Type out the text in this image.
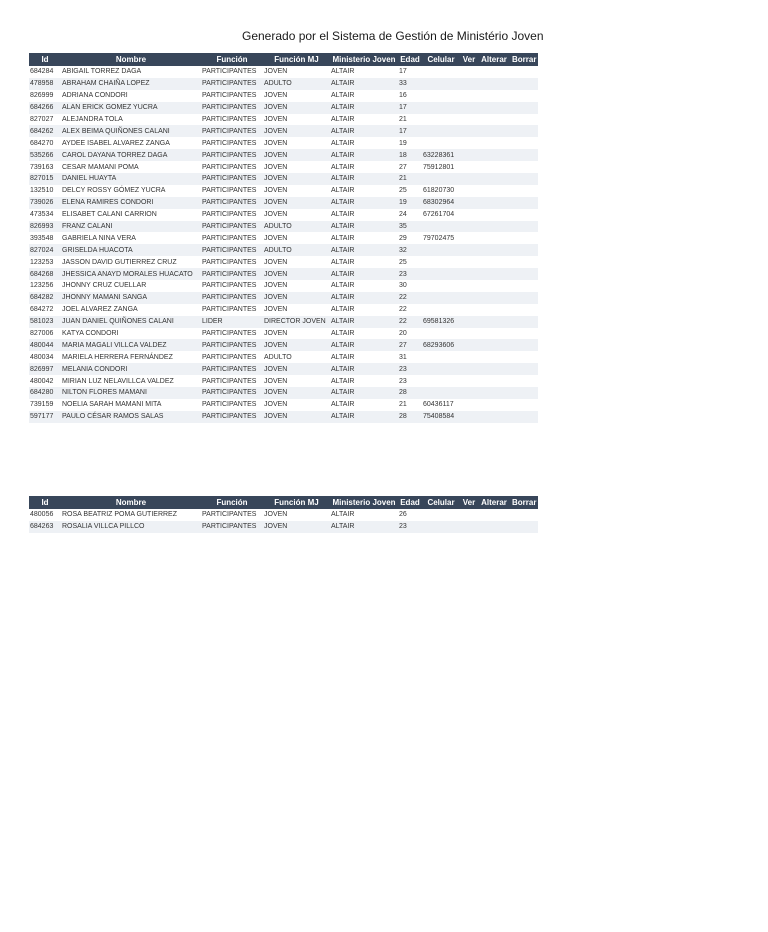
Generado por el Sistema de Gestión de Ministério Joven
Id	Nombre	Función	Función MJ	Ministerio Joven	Edad	Celular	Ver	Alterar	Borrar
684284	ABIGAIL TORREZ DAGA	PARTICIPANTES	JOVEN	ALTAIR	17				
478958	ABRAHAM CHAIÑA LOPEZ	PARTICIPANTES	ADULTO	ALTAIR	33				
826999	ADRIANA CONDORI	PARTICIPANTES	JOVEN	ALTAIR	16				
684266	ALAN ERICK GOMEZ YUCRA	PARTICIPANTES	JOVEN	ALTAIR	17				
827027	ALEJANDRA TOLA	PARTICIPANTES	JOVEN	ALTAIR	21				
684262	ALEX BEIMA QUIÑONES CALANI	PARTICIPANTES	JOVEN	ALTAIR	17				
684270	AYDEE ISABEL ALVAREZ ZANGA	PARTICIPANTES	JOVEN	ALTAIR	19				
535266	CAROL DAYANA TORREZ DAGA	PARTICIPANTES	JOVEN	ALTAIR	18	63228361			
739163	CESAR MAMANI POMA	PARTICIPANTES	JOVEN	ALTAIR	27	75912801			
827015	DANIEL HUAYTA	PARTICIPANTES	JOVEN	ALTAIR	21				
132510	DELCY ROSSY GÓMEZ YUCRA	PARTICIPANTES	JOVEN	ALTAIR	25	61820730			
739026	ELENA RAMIRES CONDORI	PARTICIPANTES	JOVEN	ALTAIR	19	68302964			
473534	ELISABET CALANI CARRION	PARTICIPANTES	JOVEN	ALTAIR	24	67261704			
826993	FRANZ CALANI	PARTICIPANTES	ADULTO	ALTAIR	35				
393548	GABRIELA NINA VERA	PARTICIPANTES	JOVEN	ALTAIR	29	79702475			
827024	GRISELDA HUACOTA	PARTICIPANTES	ADULTO	ALTAIR	32				
123253	JASSON DAVID GUTIERREZ CRUZ	PARTICIPANTES	JOVEN	ALTAIR	25				
684268	JHESSICA ANAYD MORALES HUACATO	PARTICIPANTES	JOVEN	ALTAIR	23				
123256	JHONNY CRUZ CUELLAR	PARTICIPANTES	JOVEN	ALTAIR	30				
684282	JHONNY MAMANI SANGA	PARTICIPANTES	JOVEN	ALTAIR	22				
684272	JOEL ALVAREZ ZANGA	PARTICIPANTES	JOVEN	ALTAIR	22				
581023	JUAN DANIEL QUIÑONES CALANI	LIDER	DIRECTOR JOVEN	ALTAIR	22	69581326			
827006	KATYA CONDORI	PARTICIPANTES	JOVEN	ALTAIR	20				
480044	MARIA MAGALI VILLCA VALDEZ	PARTICIPANTES	JOVEN	ALTAIR	27	68293606			
480034	MARIELA HERRERA FERNÁNDEZ	PARTICIPANTES	ADULTO	ALTAIR	31				
826997	MELANIA CONDORI	PARTICIPANTES	JOVEN	ALTAIR	23				
480042	MIRIAN LUZ NELAVILLCA VALDEZ	PARTICIPANTES	JOVEN	ALTAIR	23				
684280	NILTON FLORES MAMANI	PARTICIPANTES	JOVEN	ALTAIR	28				
739159	NOELIA SARAH MAMANI MITA	PARTICIPANTES	JOVEN	ALTAIR	21	60436117			
597177	PAULO CÉSAR RAMOS SALAS	PARTICIPANTES	JOVEN	ALTAIR	28	75408584			
Id	Nombre	Función	Función MJ	Ministerio Joven	Edad	Celular	Ver	Alterar	Borrar
480056	ROSA BEATRIZ POMA GUTIERREZ	PARTICIPANTES	JOVEN	ALTAIR	26				
684263	ROSALIA VILLCA PILLCO	PARTICIPANTES	JOVEN	ALTAIR	23				
